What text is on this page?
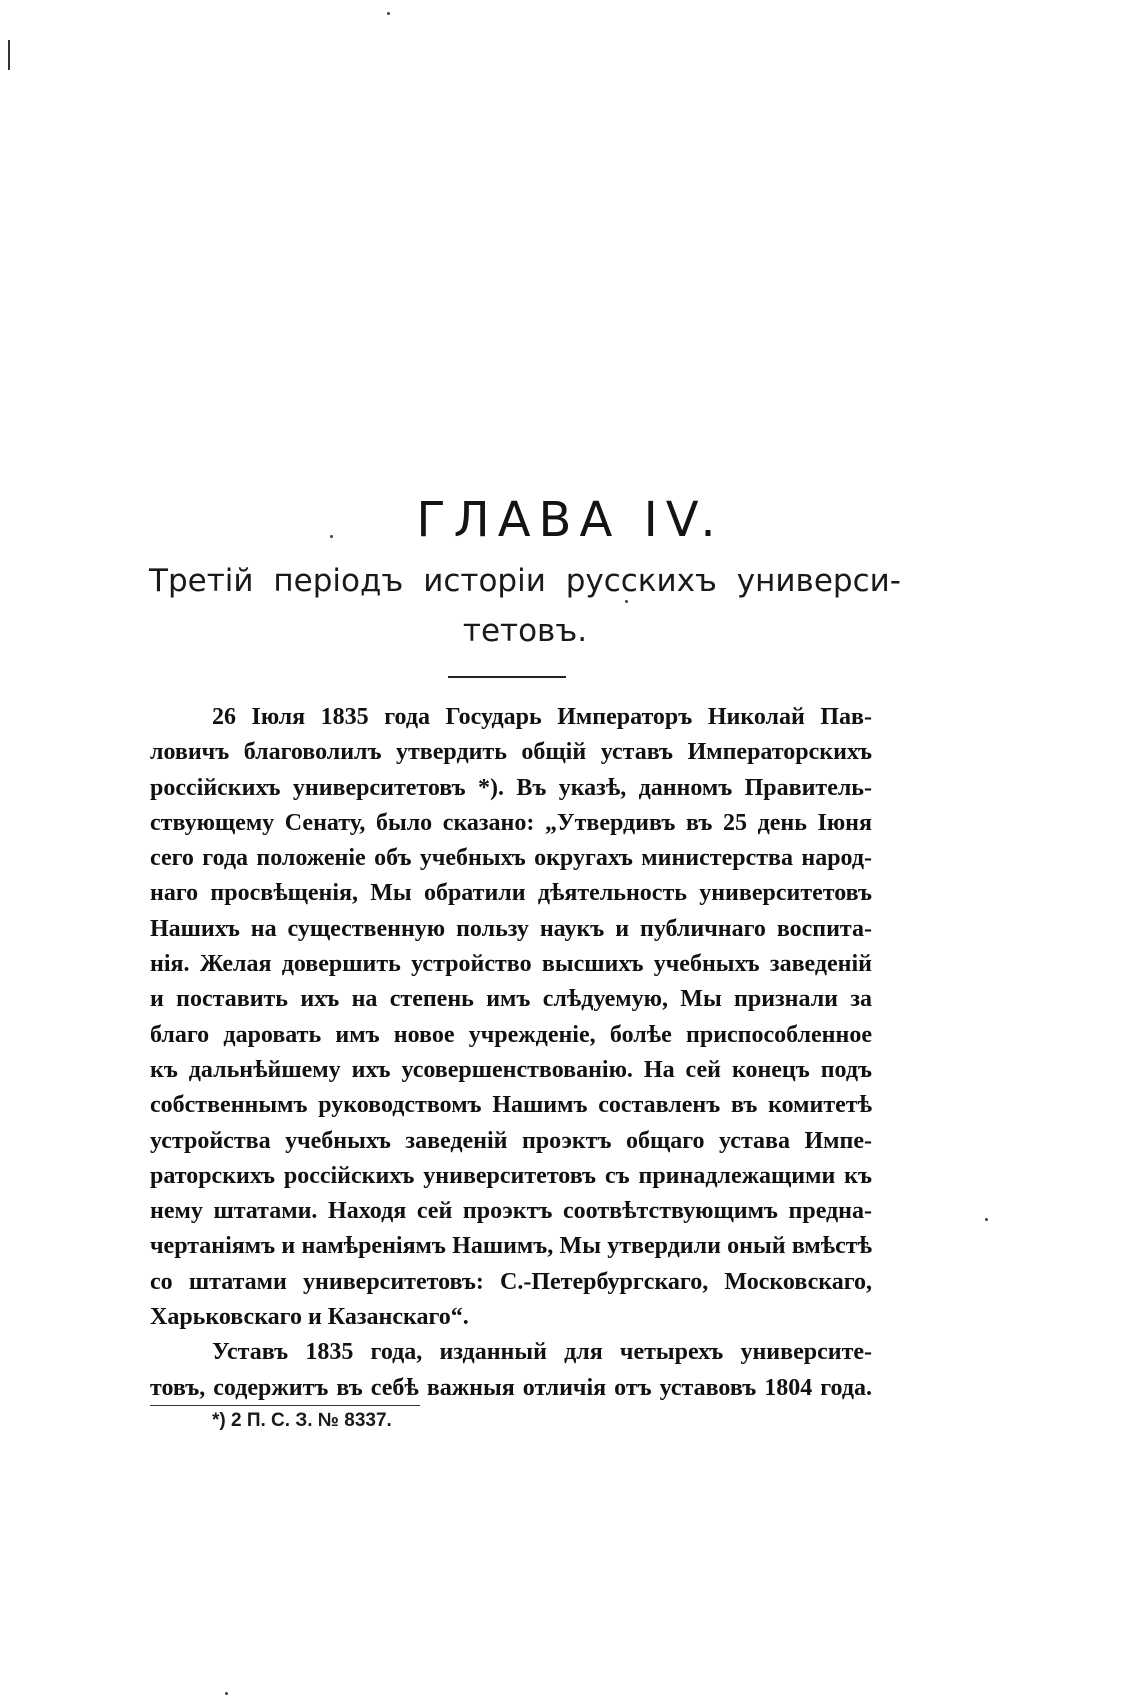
ГЛАВА IV.
Третій періодъ исторіи русскихъ универси-
тетовъ.
26 Іюля 1835 года Государь Императоръ Николай Пав-
ловичъ благоволилъ утвердить общій уставъ Императорскихъ
россійскихъ университетовъ *). Въ указѣ, данномъ Правитель-
ствующему Сенату, было сказано: „Утвердивъ въ 25 день Іюня
сего года положеніе объ учебныхъ округахъ министерства народ-
наго просвѣщенія, Мы обратили дѣятельность университетовъ
Нашихъ на существенную пользу наукъ и публичнаго воспита-
нія. Желая довершить устройство высшихъ учебныхъ заведеній
и поставить ихъ на степень имъ слѣдуемую, Мы признали за
благо даровать имъ новое учрежденіе, болѣе приспособленное
къ дальнѣйшему ихъ усовершенствованію. На сей конецъ подъ
собственнымъ руководствомъ Нашимъ составленъ въ комитетѣ
устройства учебныхъ заведеній проэктъ общаго устава Импе-
раторскихъ россійскихъ университетовъ съ принадлежащими къ
нему штатами. Находя сей проэктъ соотвѣтствующимъ предна-
чертаніямъ и намѣреніямъ Нашимъ, Мы утвердили оный вмѣстѣ
со штатами университетовъ: С.-Петербургскаго, Московскаго,
Харьковскаго и Казанскаго“.
Уставъ 1835 года, изданный для четырехъ университе-
товъ, содержитъ въ себѣ важныя отличія отъ уставовъ 1804 года.
*) 2 П. С. З. № 8337.
